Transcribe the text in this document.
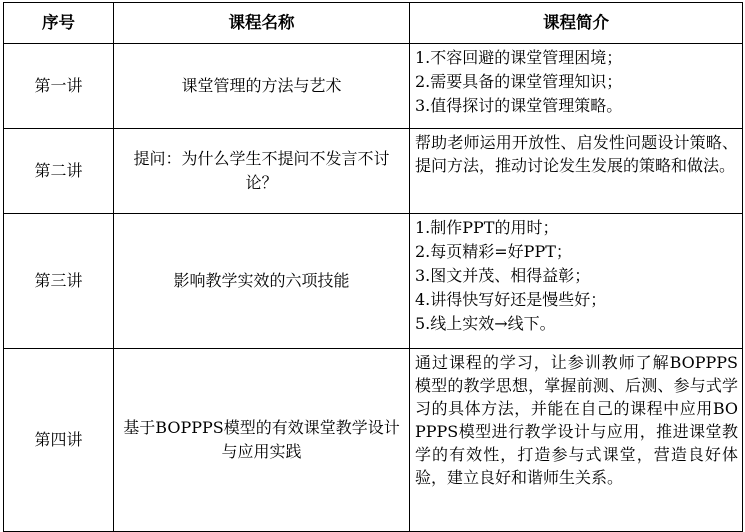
序号	课程名称	课程简介
第一讲	课堂管理的方法与艺术	1.不容回避的课堂管理困境；
2.需要具备的课堂管理知识；
3.值得探讨的课堂管理策略。

第二讲	提问：为什么学生不提问不发言不讨论？	帮助老师运用开放性、启发性问题设计策略、提问方法，推动讨论发生发展的策略和做法。

第三讲	影响教学实效的六项技能	1.制作PPT的用时；
2.每页精彩=好PPT；
3.图文并茂、相得益彰；
4.讲得快写好还是慢些好；
5.线上实效→线下。

第四讲	基于BOPPPS模型的有效课堂教学设计与应用实践	通过课程的学习，让参训教师了解BOPPPS模型的教学思想，掌握前测、后测、参与式学习的具体方法，并能在自己的课程中应用BOPPPS模型进行教学设计与应用，推进课堂教学的有效性，打造参与式课堂，营造良好体验，建立良好和谐师生关系。
